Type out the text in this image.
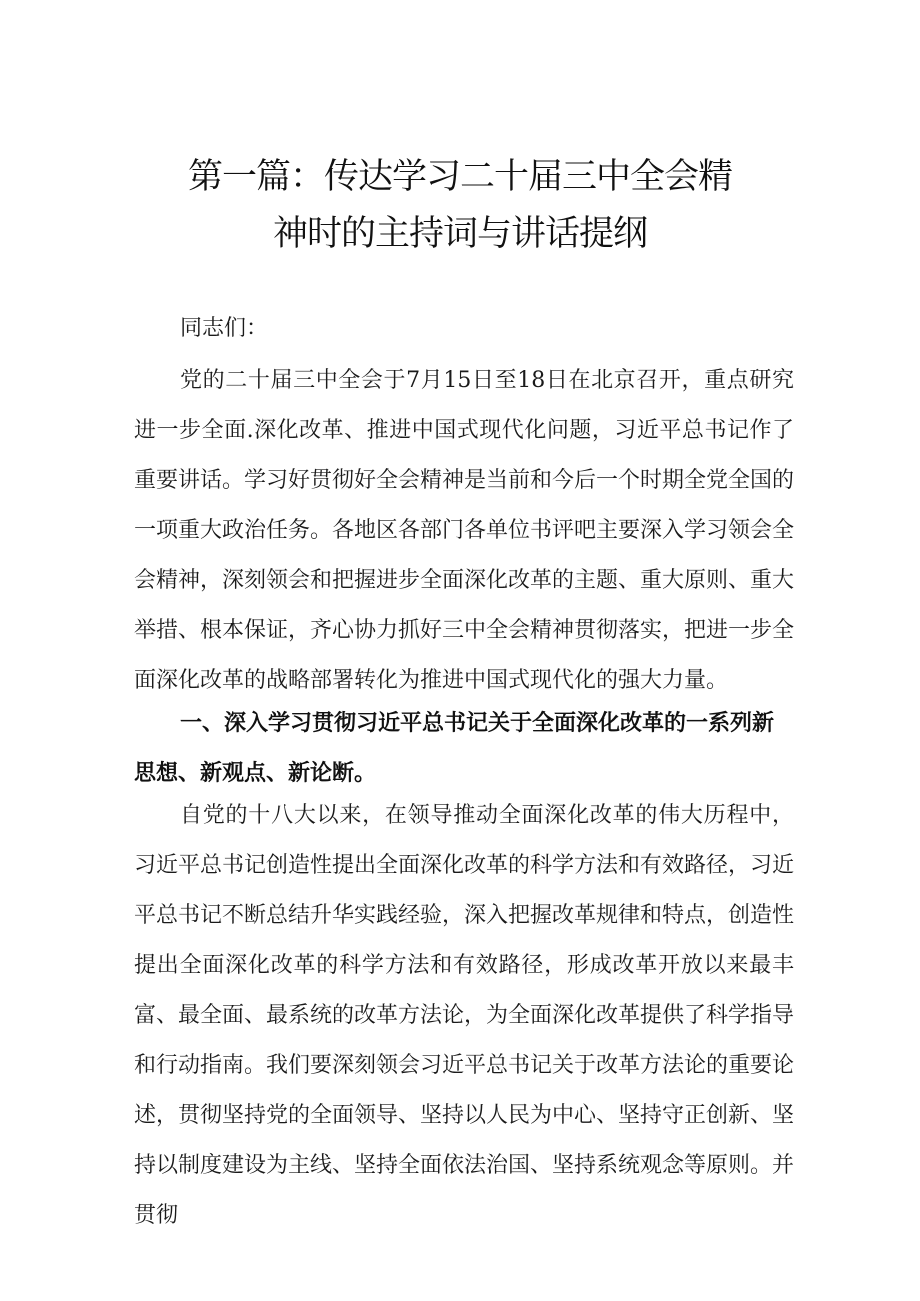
第一篇：传达学习二十届三中全会精
神时的主持词与讲话提纲

同志们：

党的二十届三中全会于7月15日至18日在北京召开，重点研究进一步全面.深化改革、推进中国式现代化问题，习近平总书记作了重要讲话。学习好贯彻好全会精神是当前和今后一个时期全党全国的一项重大政治任务。各地区各部门各单位书评吧主要深入学习领会全会精神，深刻领会和把握进步全面深化改革的主题、重大原则、重大举措、根本保证，齐心协力抓好三中全会精神贯彻落实，把进一步全面深化改革的战略部署转化为推进中国式现代化的强大力量。

一、深入学习贯彻习近平总书记关于全面深化改革的一系列新思想、新观点、新论断。

自党的十八大以来，在领导推动全面深化改革的伟大历程中，习近平总书记创造性提出全面深化改革的科学方法和有效路径，习近平总书记不断总结升华实践经验，深入把握改革规律和特点，创造性提出全面深化改革的科学方法和有效路径，形成改革开放以来最丰富、最全面、最系统的改革方法论，为全面深化改革提供了科学指导和行动指南。我们要深刻领会习近平总书记关于改革方法论的重要论述，贯彻坚持党的全面领导、坚持以人民为中心、坚持守正创新、坚持以制度建设为主线、坚持全面依法治国、坚持系统观念等原则。并贯彻
